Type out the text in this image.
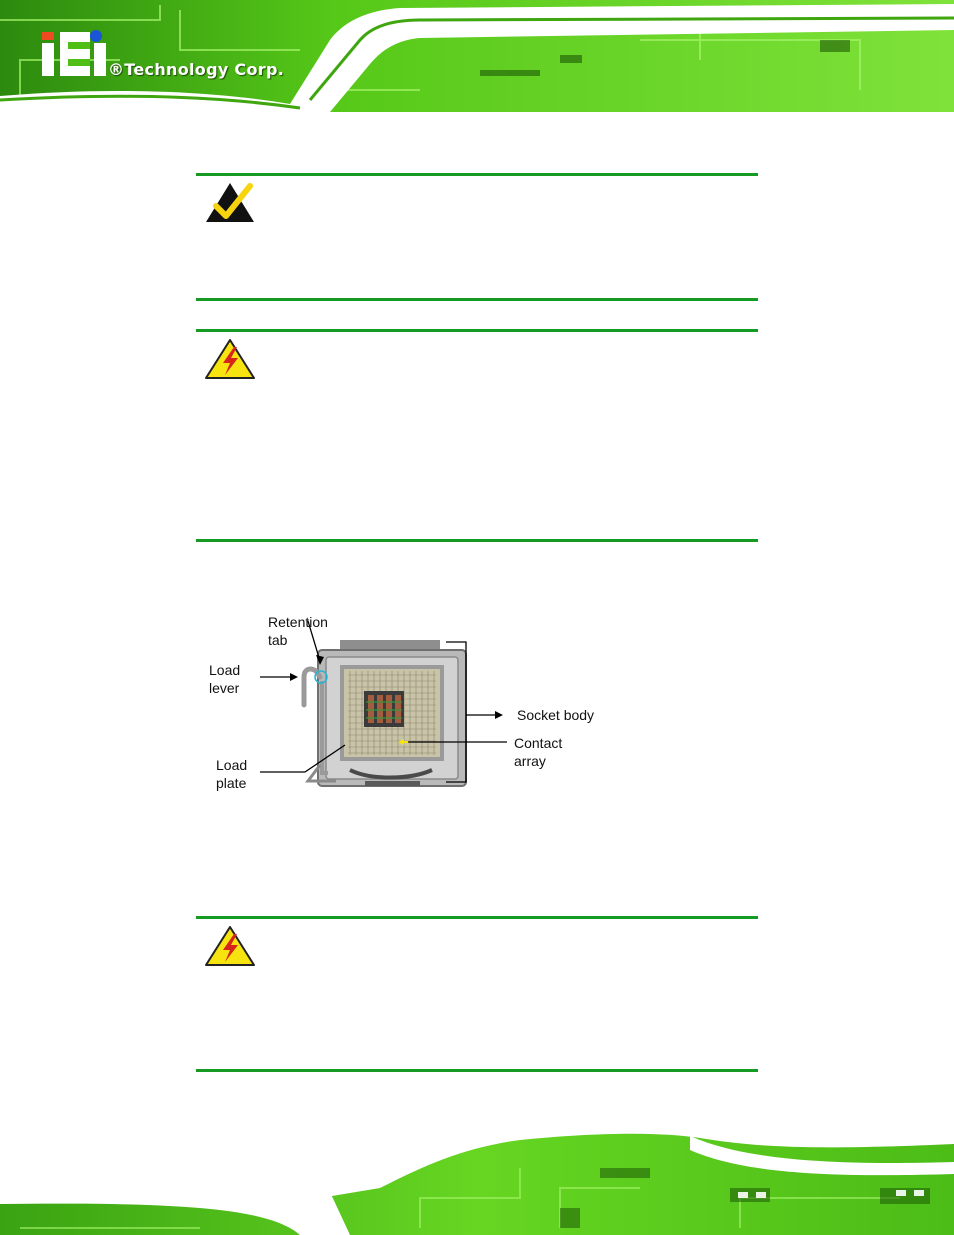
®Technology Corp.
Retention
tab
Load
lever
Socket body
Contact
array
Load
plate
